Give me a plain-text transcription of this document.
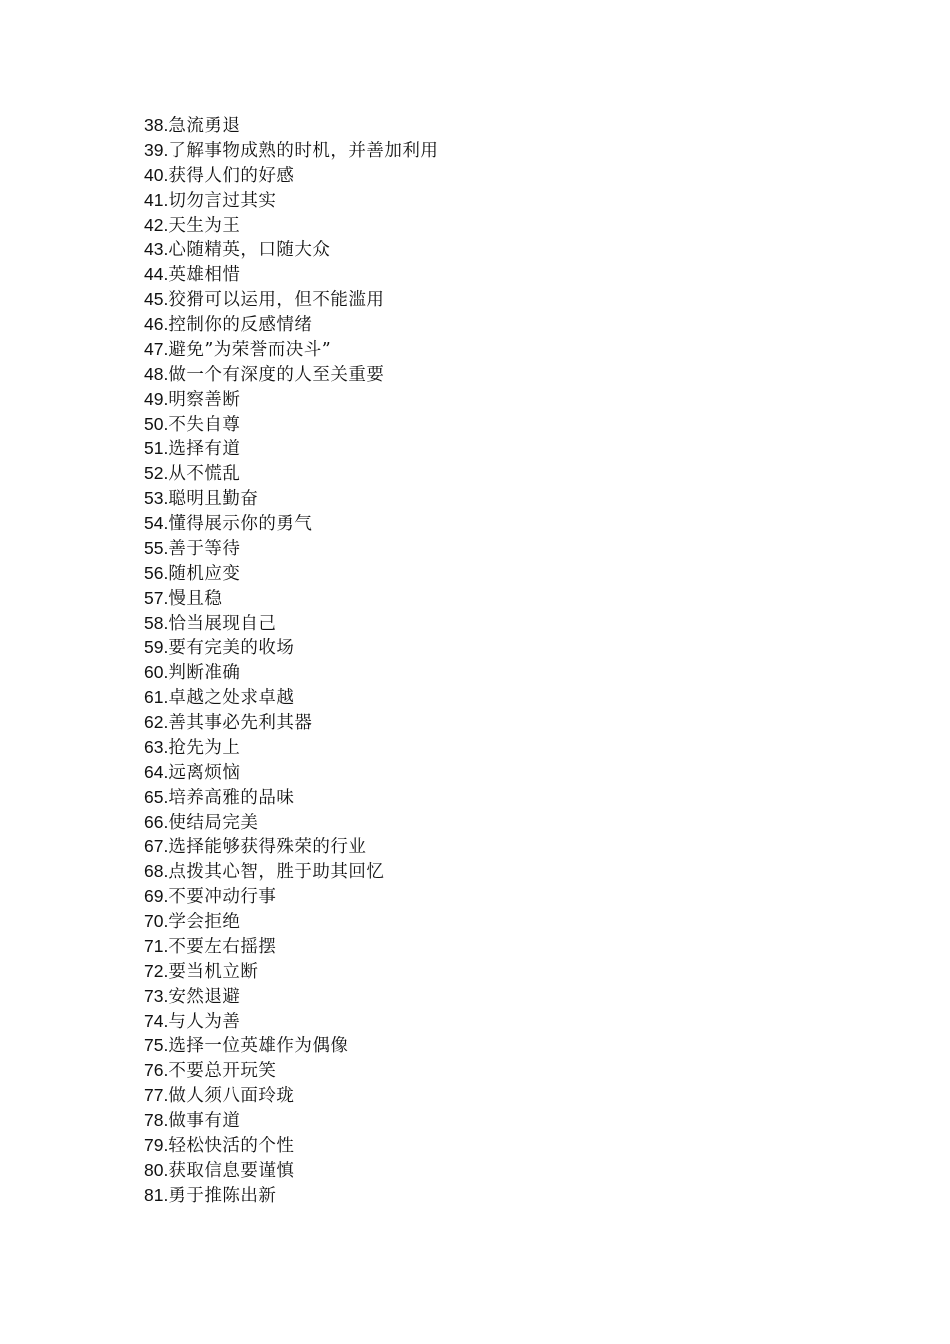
38.急流勇退
39.了解事物成熟的时机，并善加利用
40.获得人们的好感
41.切勿言过其实
42.天生为王
43.心随精英，口随大众
44.英雄相惜
45.狡猾可以运用，但不能滥用
46.控制你的反感情绪
47.避免”为荣誉而决斗”
48.做一个有深度的人至关重要
49.明察善断
50.不失自尊
51.选择有道
52.从不慌乱
53.聪明且勤奋
54.懂得展示你的勇气
55.善于等待
56.随机应变
57.慢且稳
58.恰当展现自己
59.要有完美的收场
60.判断准确
61.卓越之处求卓越
62.善其事必先利其器
63.抢先为上
64.远离烦恼
65.培养高雅的品味
66.使结局完美
67.选择能够获得殊荣的行业
68.点拨其心智，胜于助其回忆
69.不要冲动行事
70.学会拒绝
71.不要左右摇摆
72.要当机立断
73.安然退避
74.与人为善
75.选择一位英雄作为偶像
76.不要总开玩笑
77.做人须八面玲珑
78.做事有道
79.轻松快活的个性
80.获取信息要谨慎
81.勇于推陈出新
